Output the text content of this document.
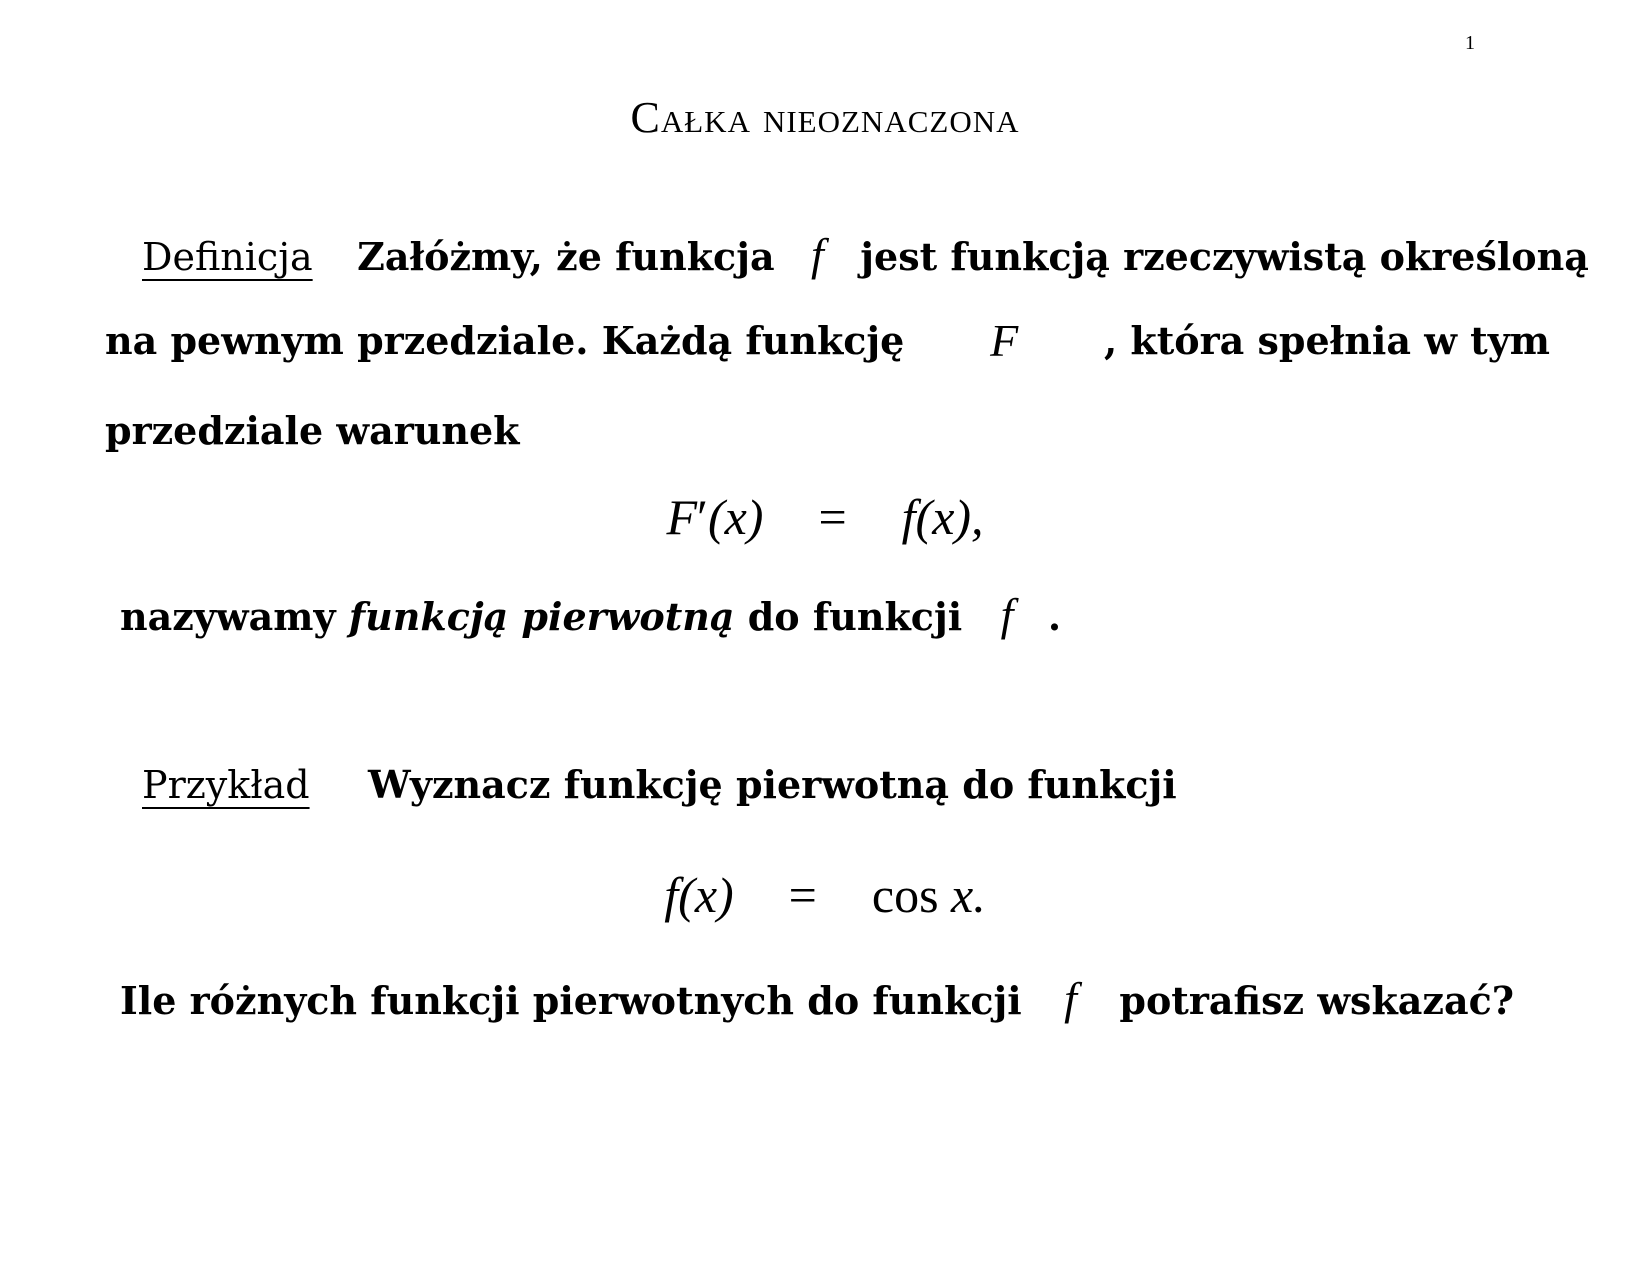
1
Całka nieoznaczona
Definicja Załóżmy, że funkcja f jest funkcją rzeczywistą określoną
na pewnym przedziale. Każdą funkcję F , która spełnia w tym
przedziale warunek
F′(x) = f(x),
nazywamy funkcją pierwotną do funkcji f .
Przykład Wyznacz funkcję pierwotną do funkcji
f(x) = cos x.
Ile różnych funkcji pierwotnych do funkcji f potrafisz wskazać?
